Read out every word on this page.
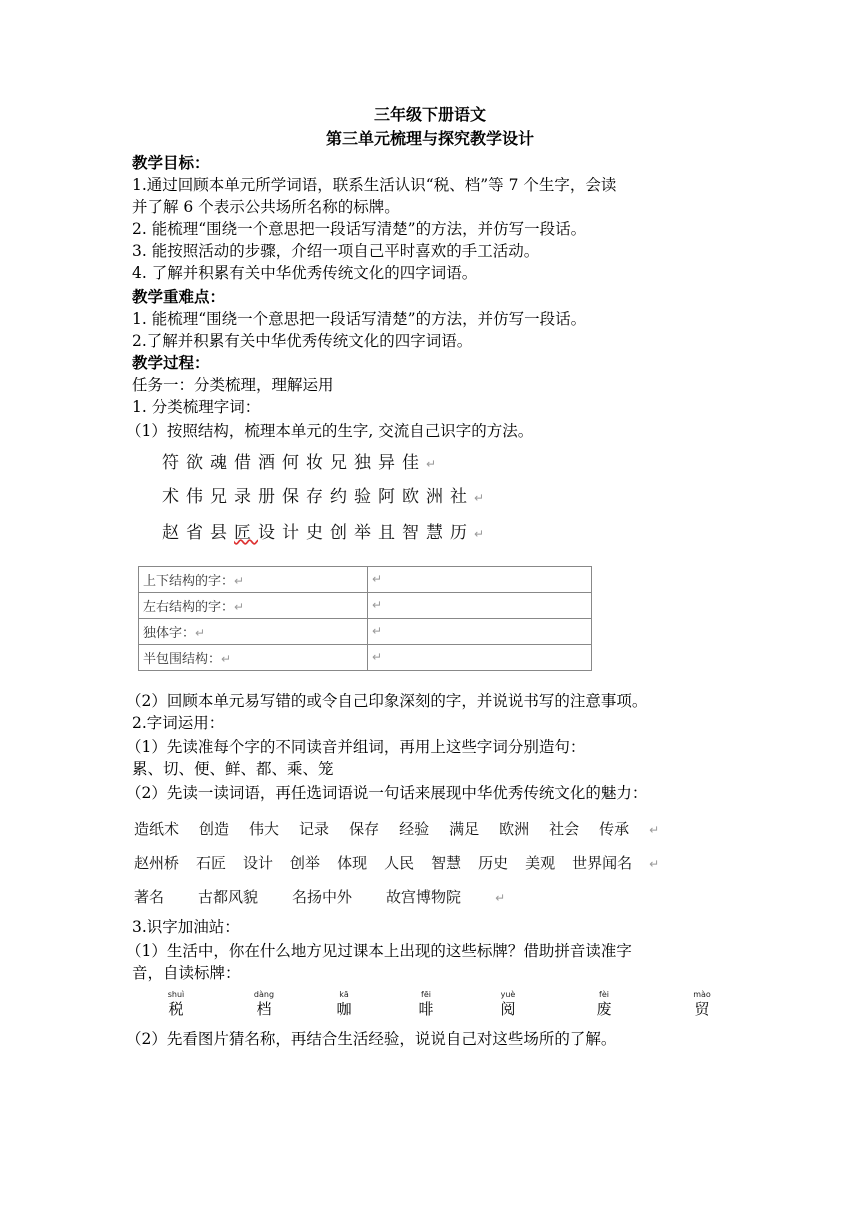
三年级下册语文
第三单元梳理与探究教学设计
教学目标：
1.通过回顾本单元所学词语，联系生活认识“税、档”等 7 个生字，会读
并了解 6 个表示公共场所名称的标牌。
2. 能梳理“围绕一个意思把一段话写清楚”的方法，并仿写一段话。
3. 能按照活动的步骤，介绍一项自己平时喜欢的手工活动。
4. 了解并积累有关中华优秀传统文化的四字词语。
教学重难点：
1. 能梳理“围绕一个意思把一段话写清楚”的方法，并仿写一段话。
2.了解并积累有关中华优秀传统文化的四字词语。
教学过程：
任务一：分类梳理，理解运用
1. 分类梳理字词：
（1）按照结构，梳理本单元的生字, 交流自己识字的方法。
符欲魂借酒何妆兄独异佳↵
术伟兄录册保存约验阿欧洲社↵
赵省县匠设计史创举且智慧历↵
上下结构的字：↵	↵
左右结构的字：↵	↵
独体字：↵	↵
半包围结构：↵	↵
（2）回顾本单元易写错的或令自己印象深刻的字，并说说书写的注意事项。
2.字词运用：
（1）先读准每个字的不同读音并组词，再用上这些字词分别造句：
累、切、便、鲜、都、乘、笼
（2）先读一读词语，再任选词语说一句话来展现中华优秀传统文化的魅力：
造纸术 创造 伟大 记录 保存 经验 满足 欧洲 社会 传承 ↵
赵州桥 石匠 设计 创举 体现 人民 智慧 历史 美观 世界闻名 ↵
著名 古都风貌 名扬中外 故宫博物院	↵
3.识字加油站：
（1）生活中，你在什么地方见过课本上出现的这些标牌？借助拼音读准字
音，自读标牌：
shuì
税
dàng
档
kā
咖
fēi
啡
yuè
阅
fèi
废
mào
贸
（2）先看图片猜名称，再结合生活经验，说说自己对这些场所的了解。
